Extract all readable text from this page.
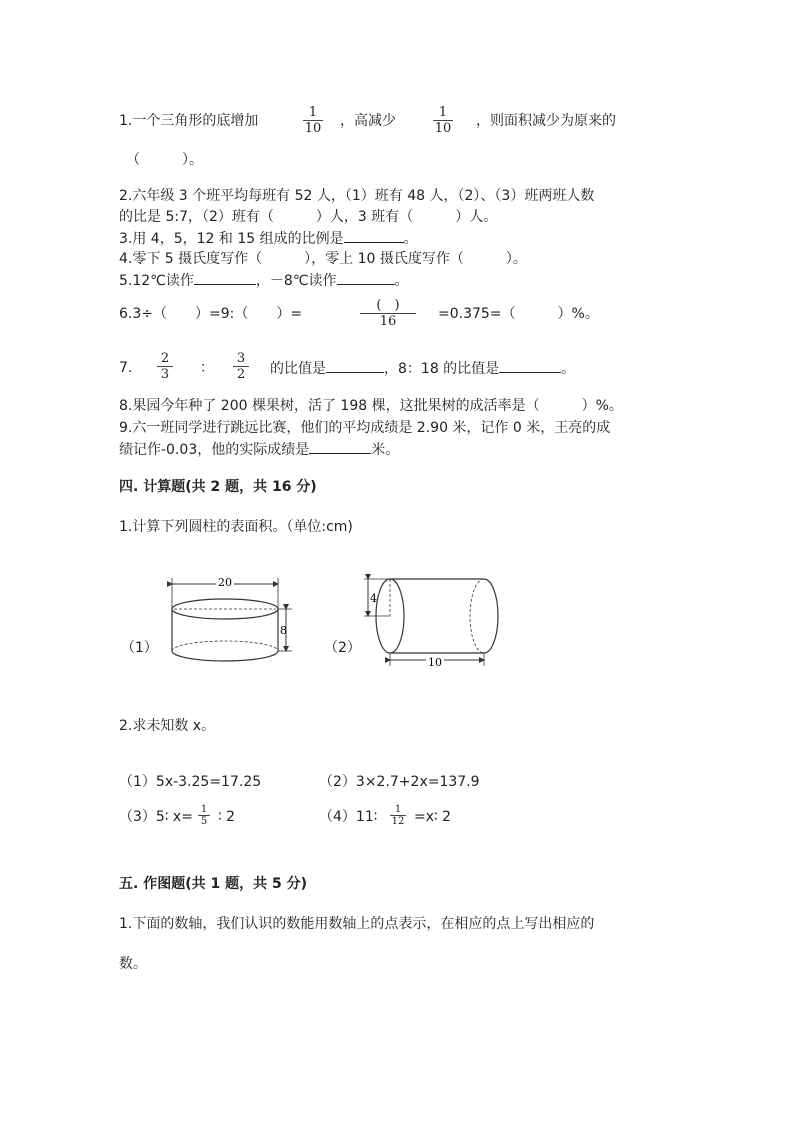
1.一个三角形的底增加
1
10 ，高减少
1
10 ，则面积减少为原来的
（　　　）。
2.六年级 3 个班平均每班有 52 人，（1）班有 48 人，（2）、（3）班两班人数
的比是 5:7，（2）班有（　　　）人，3 班有（　　　）人。
3.用 4，5，12 和 15 组成的比例是	。
4.零下 5 摄氏度写作（　　　），零上 10 摄氏度写作（　　　）。
5.12℃读作	，－8℃读作	。
6.3÷（　　）=9:（　　）=
(　)
16	=0.375=（　　　）%。
7.
2
3 ：
3
2 的比值是	，8：18 的比值是	。
8.果园今年种了 200 棵果树，活了 198 棵，这批果树的成活率是（　　　）%。
9.六一班同学进行跳远比赛，他们的平均成绩是 2.90 米，记作 0 米，王亮的成
绩记作-0.03，他的实际成绩是	米。
四. 计算题(共 2 题，共 16 分)
1.计算下列圆柱的表面积。（单位:cm)
（1）
20
8
（2）
4
10
2.求未知数 x。
（1）5x-3.25=17.25	（2）3×2.7+2x=137.9
（3）5∶ x= 1
5 ∶ 2	（4）11∶	1
12 =x∶ 2
五. 作图题(共 1 题，共 5 分)
1.下面的数轴，我们认识的数能用数轴上的点表示，在相应的点上写出相应的
数。
